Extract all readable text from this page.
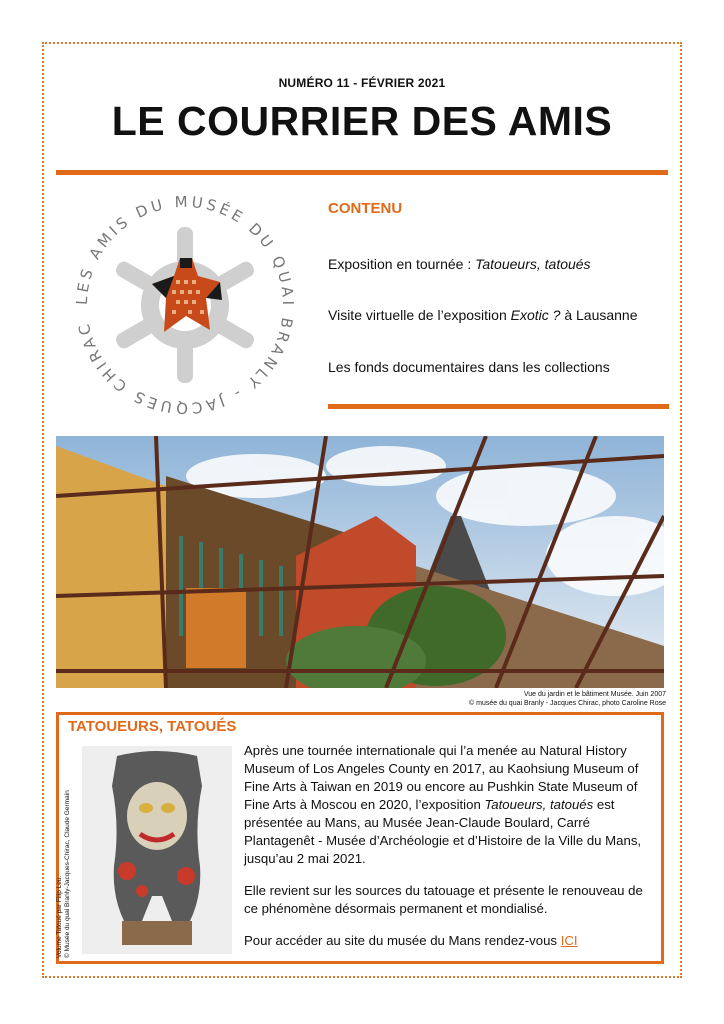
NUMÉRO 11 - FÉVRIER 2021
LE COURRIER DES AMIS
LES AMIS DU MUSÉE DU QUAI BRANLY - JACQUES CHIRAC
CONTENU
Exposition en tournée : Tatoueurs, tatoués
Visite virtuelle de l’exposition Exotic ? à Lausanne
Les fonds documentaires dans les collections
Vue du jardin et le bâtiment Musée. Juin 2007
© musée du quai Branly - Jacques Chirac, photo Caroline Rose
TATOUEURS, TATOUÉS
Volume Tatoué par Filip Leu. © Musée du quai Branly-Jacques-Chirac, Claude Germain

Après une tournée internationale qui l’a menée au Natural History Museum of Los Angeles County en 2017, au Kaohsiung Museum of Fine Arts à Taiwan en 2019 ou encore au Pushkin State Museum of Fine Arts à Moscou en 2020, l’exposition Tatoueurs, tatoués est présentée au Mans, au Musée Jean-Claude Boulard, Carré Plantagenêt - Musée d’Archéologie et d’Histoire de la Ville du Mans, jusqu’au 2 mai 2021.

Elle revient sur les sources du tatouage et présente le renouveau de ce phénomène désormais permanent et mondialisé.

Pour accéder au site du musée du Mans rendez-vous ICI
